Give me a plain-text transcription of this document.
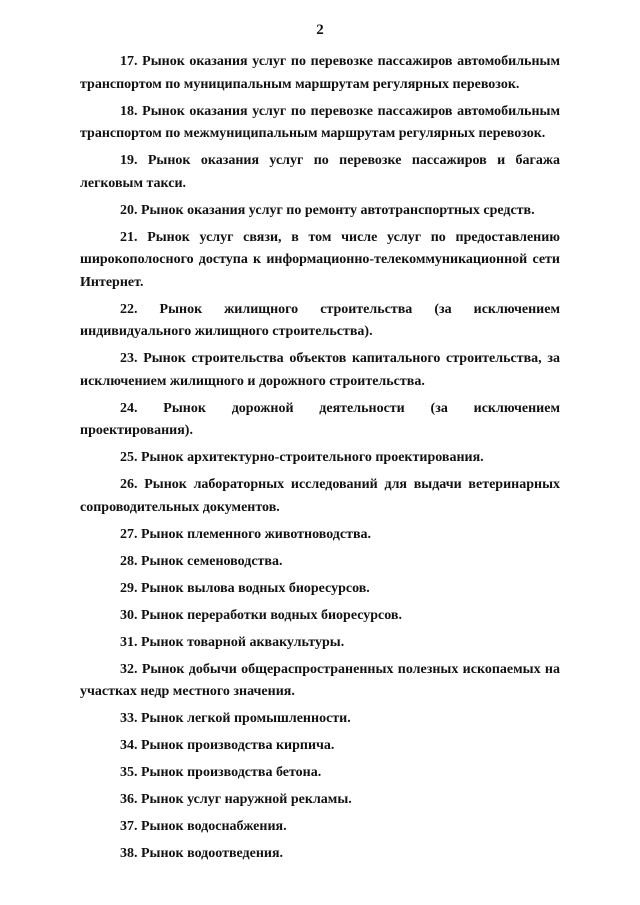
2

17. Рынок оказания услуг по перевозке пассажиров автомобильным транспортом по муниципальным маршрутам регулярных перевозок.

18. Рынок оказания услуг по перевозке пассажиров автомобильным транспортом по межмуниципальным маршрутам регулярных перевозок.

19. Рынок оказания услуг по перевозке пассажиров и багажа легковым такси.

20. Рынок оказания услуг по ремонту автотранспортных средств.

21. Рынок услуг связи, в том числе услуг по предоставлению широкополосного доступа к информационно-телекоммуникационной сети Интернет.

22. Рынок жилищного строительства (за исключением индивидуального жилищного строительства).

23. Рынок строительства объектов капитального строительства, за исключением жилищного и дорожного строительства.

24. Рынок дорожной деятельности (за исключением проектирования).

25. Рынок архитектурно-строительного проектирования.

26. Рынок лабораторных исследований для выдачи ветеринарных сопроводительных документов.

27. Рынок племенного животноводства.

28. Рынок семеноводства.

29. Рынок вылова водных биоресурсов.

30. Рынок переработки водных биоресурсов.

31. Рынок товарной аквакультуры.

32. Рынок добычи общераспространенных полезных ископаемых на участках недр местного значения.

33. Рынок легкой промышленности.

34. Рынок производства кирпича.

35. Рынок производства бетона.

36. Рынок услуг наружной рекламы.

37. Рынок водоснабжения.

38. Рынок водоотведения.
